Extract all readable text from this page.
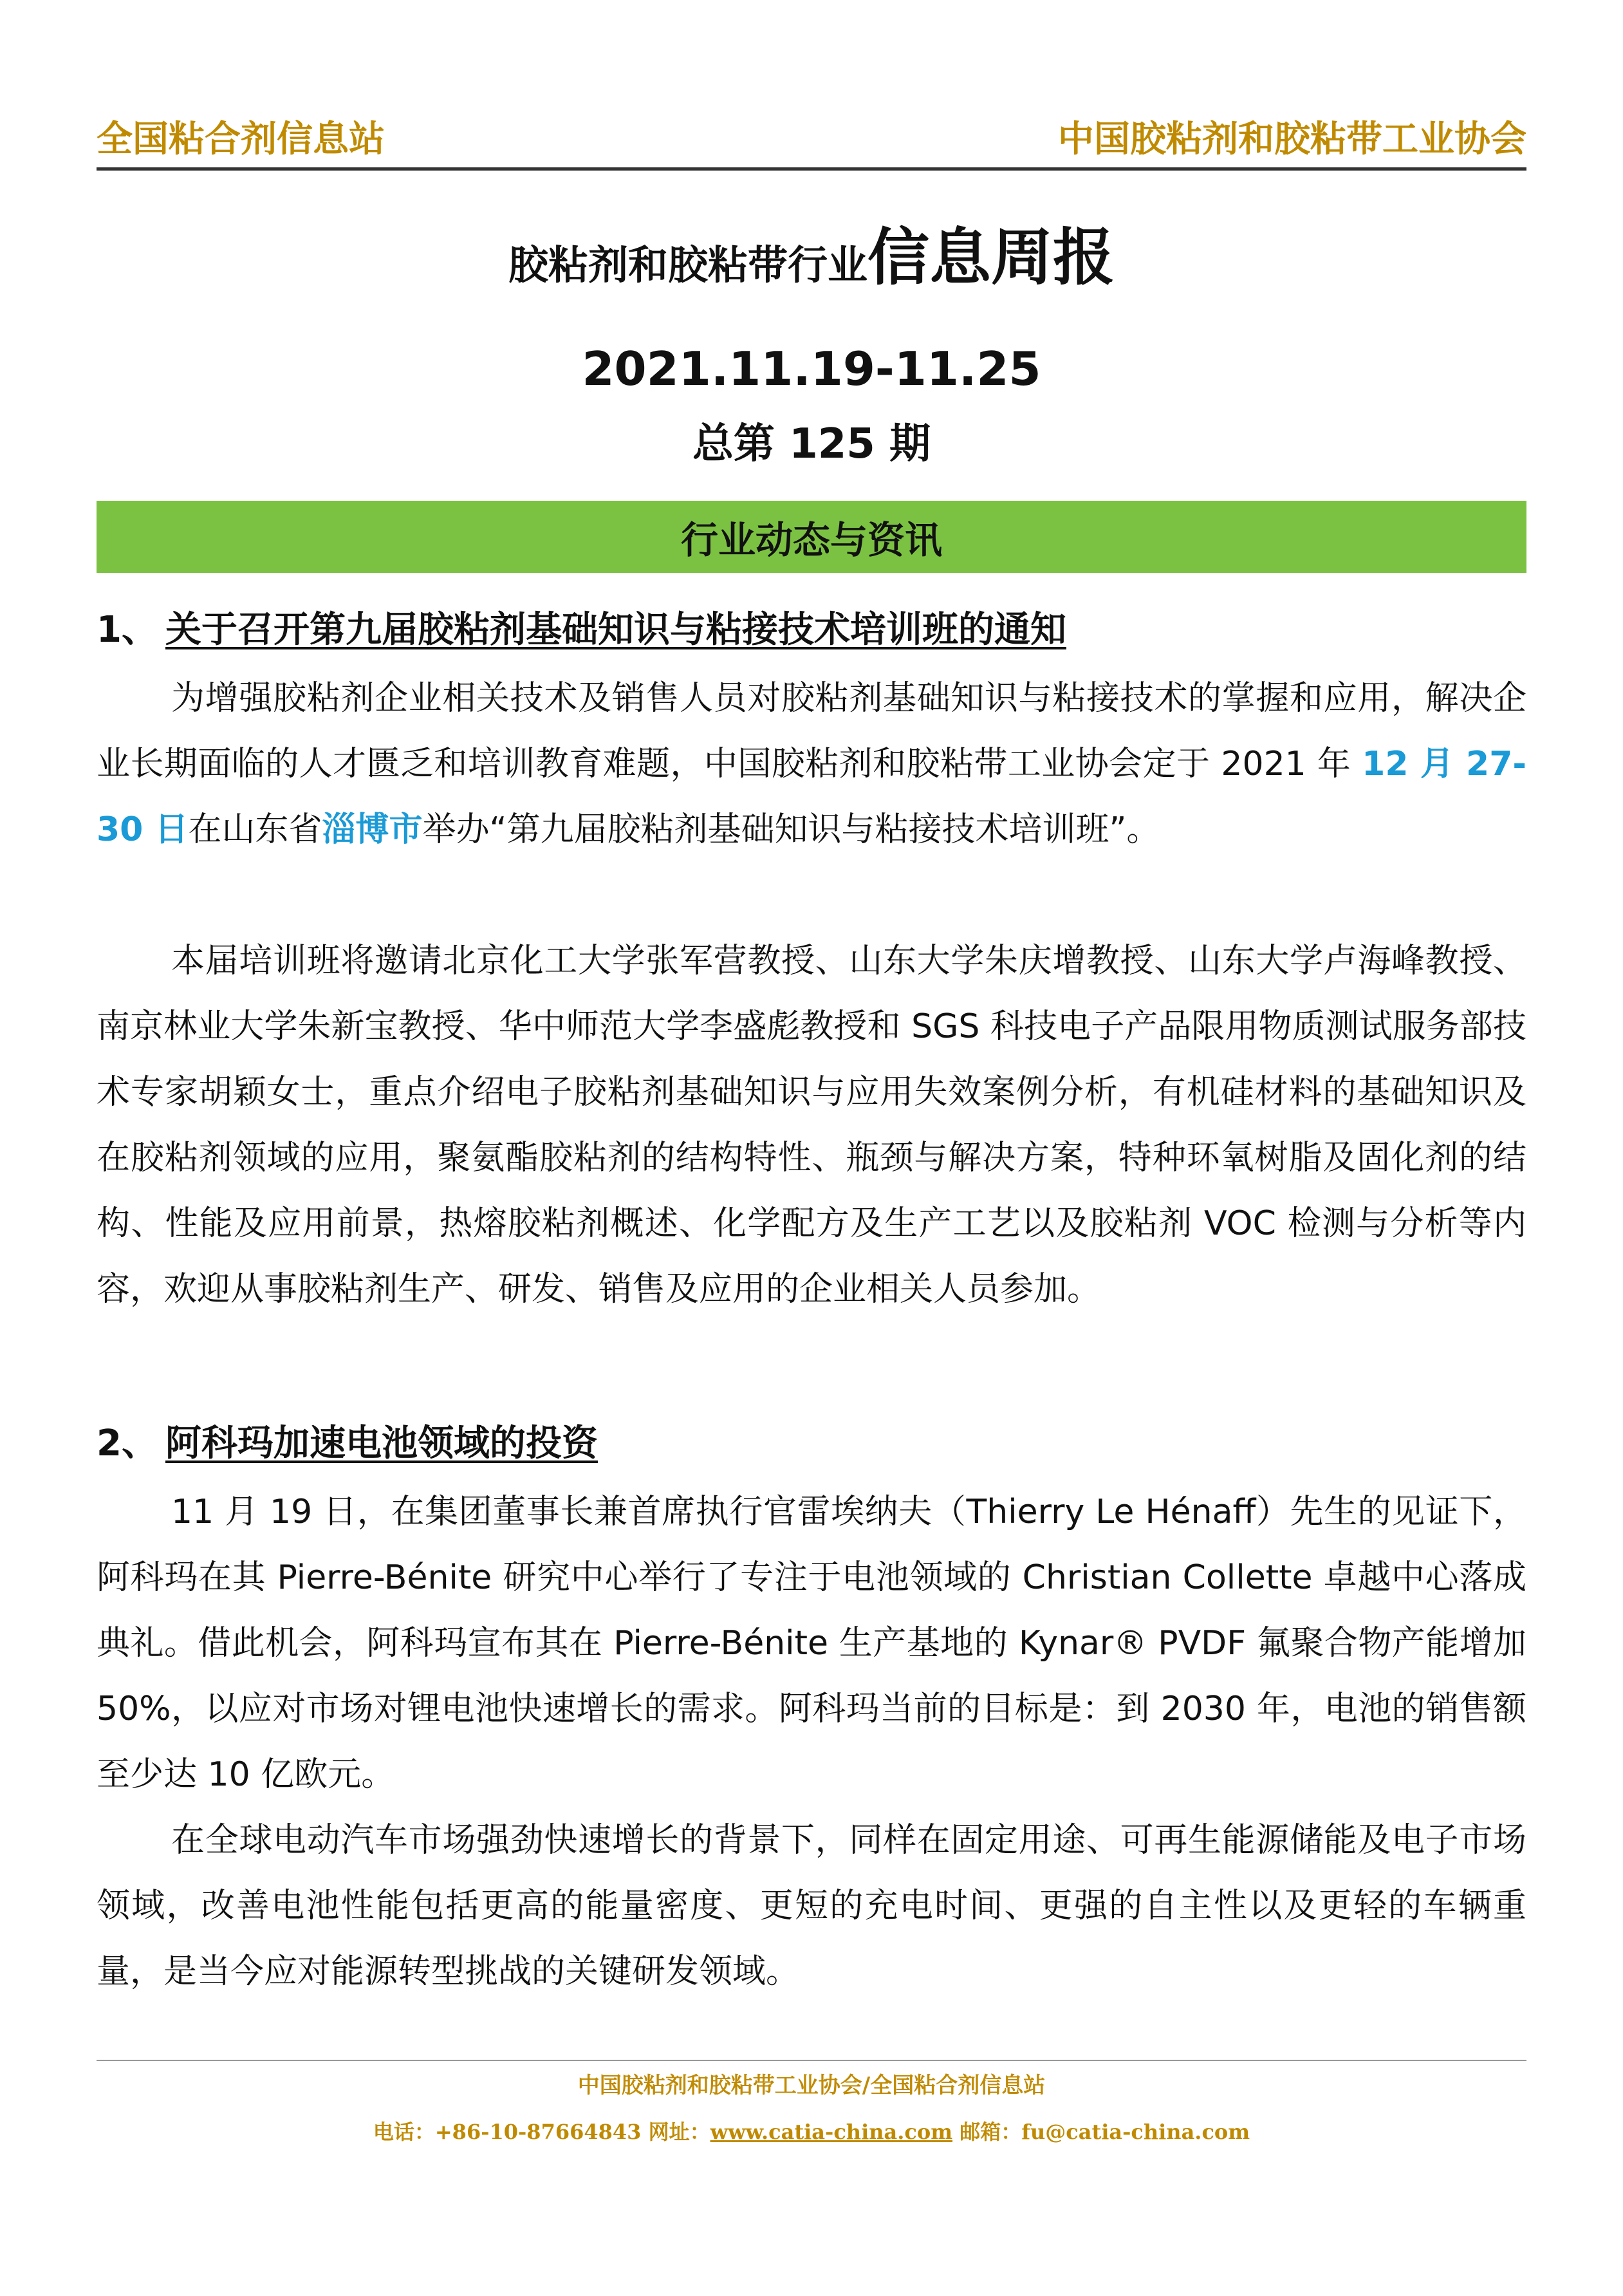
全国粘合剂信息站	中国胶粘剂和胶粘带工业协会
胶粘剂和胶粘带行业信息周报
2021.11.19-11.25
总第 125 期
行业动态与资讯
1、 关于召开第九届胶粘剂基础知识与粘接技术培训班的通知

为增强胶粘剂企业相关技术及销售人员对胶粘剂基础知识与粘接技术的掌握和应用，解决企业长期面临的人才匮乏和培训教育难题，中国胶粘剂和胶粘带工业协会定于 2021 年 12 月 27-30 日在山东省淄博市举办“第九届胶粘剂基础知识与粘接技术培训班”。

本届培训班将邀请北京化工大学张军营教授、山东大学朱庆增教授、山东大学卢海峰教授、南京林业大学朱新宝教授、华中师范大学李盛彪教授和 SGS 科技电子产品限用物质测试服务部技术专家胡颖女士，重点介绍电子胶粘剂基础知识与应用失效案例分析，有机硅材料的基础知识及在胶粘剂领域的应用，聚氨酯胶粘剂的结构特性、瓶颈与解决方案，特种环氧树脂及固化剂的结构、性能及应用前景，热熔胶粘剂概述、化学配方及生产工艺以及胶粘剂 VOC 检测与分析等内容，欢迎从事胶粘剂生产、研发、销售及应用的企业相关人员参加。

2、 阿科玛加速电池领域的投资

11 月 19 日，在集团董事长兼首席执行官雷埃纳夫（Thierry Le Hénaff）先生的见证下，阿科玛在其 Pierre-Bénite 研究中心举行了专注于电池领域的 Christian Collette 卓越中心落成典礼。借此机会，阿科玛宣布其在 Pierre-Bénite 生产基地的 Kynar® PVDF 氟聚合物产能增加 50%，以应对市场对锂电池快速增长的需求。阿科玛当前的目标是：到 2030 年，电池的销售额至少达 10 亿欧元。

在全球电动汽车市场强劲快速增长的背景下，同样在固定用途、可再生能源储能及电子市场领域，改善电池性能包括更高的能量密度、更短的充电时间、更强的自主性以及更轻的车辆重量，是当今应对能源转型挑战的关键研发领域。

中国胶粘剂和胶粘带工业协会/全国粘合剂信息站
电话：+86-10-87664843 网址：www.catia-china.com 邮箱：fu@catia-china.com
